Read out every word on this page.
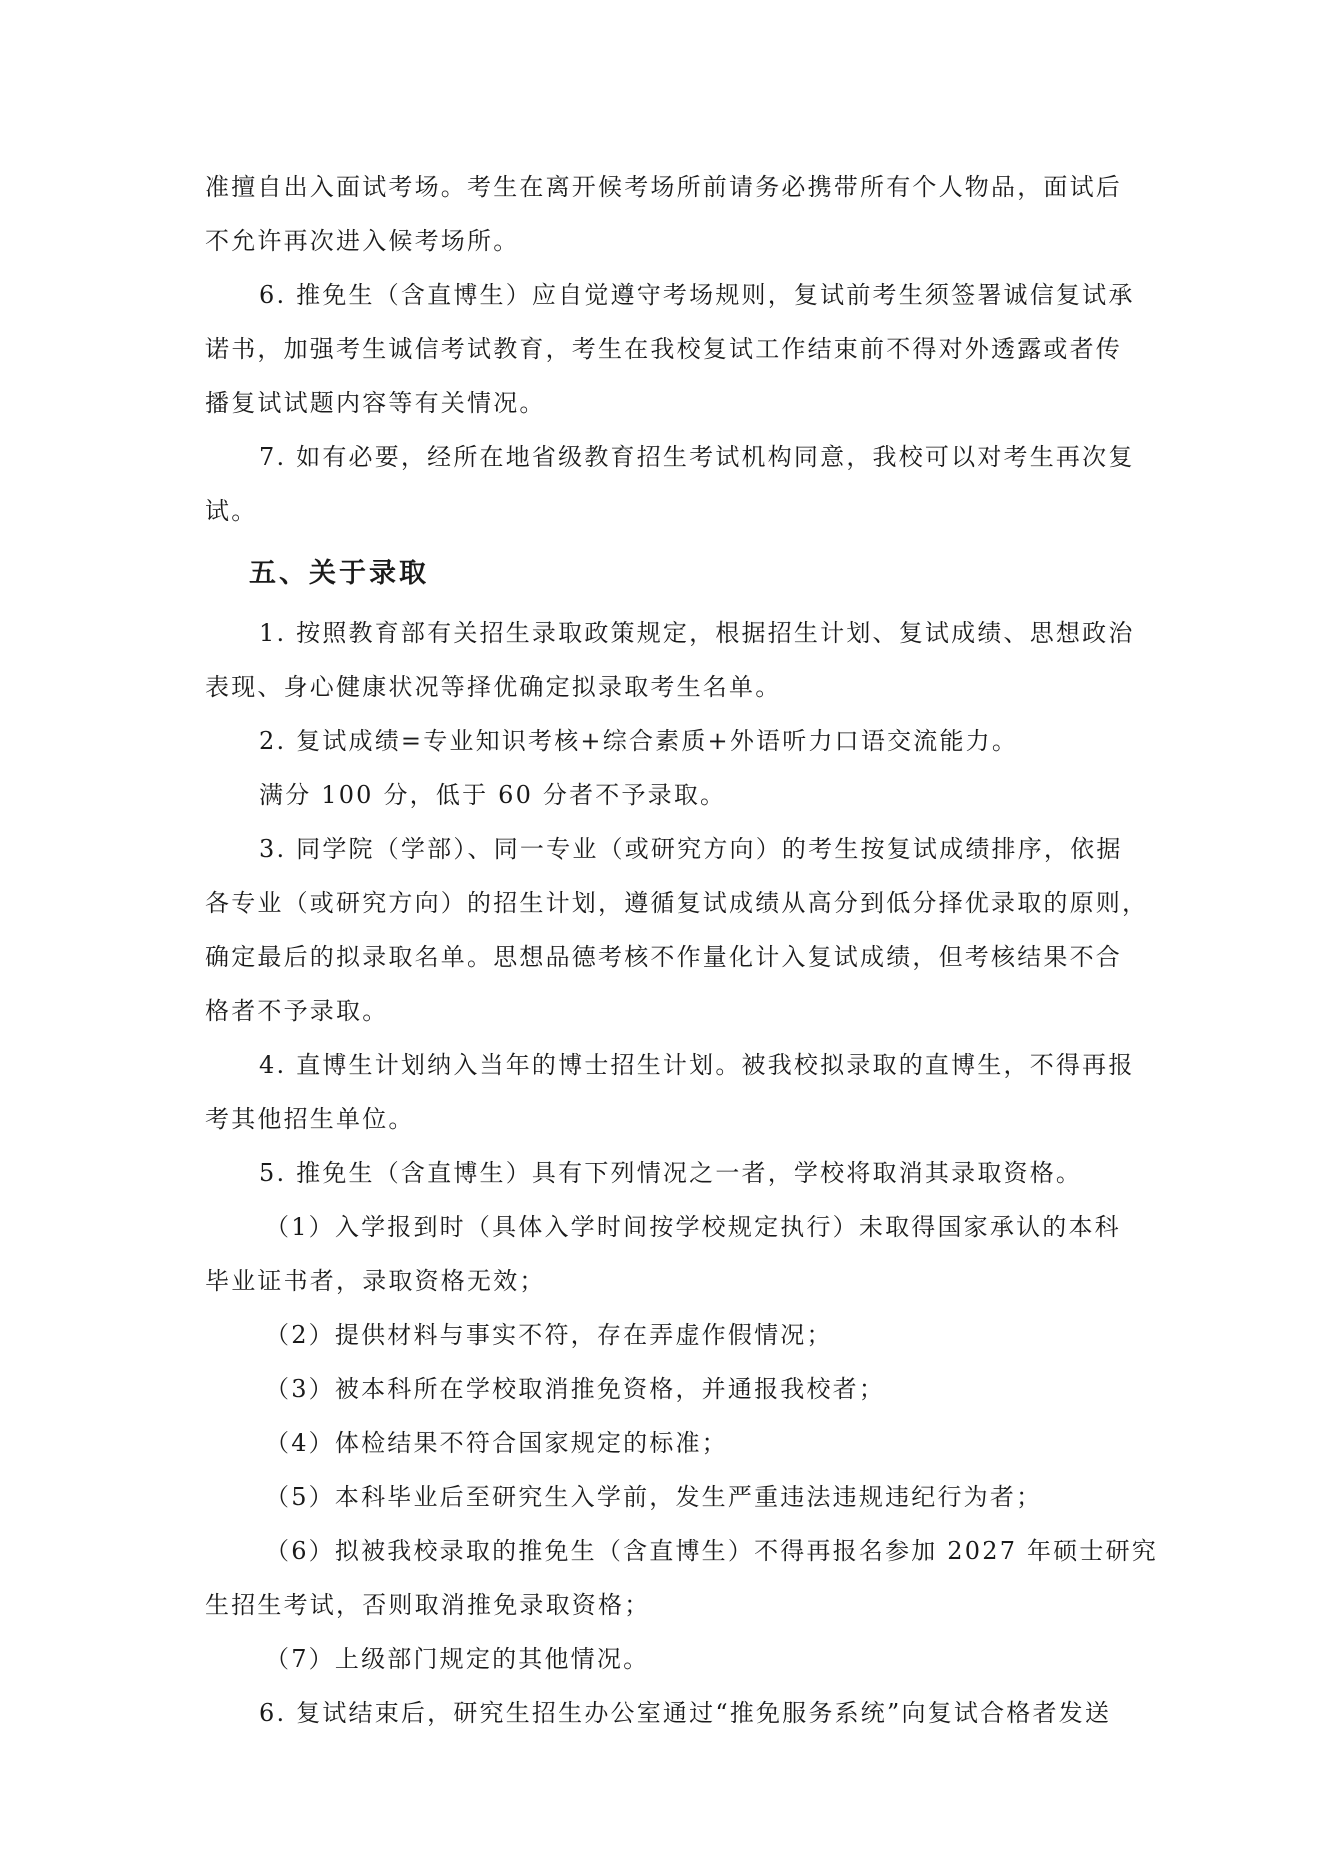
准擅自出入面试考场。考生在离开候考场所前请务必携带所有个人物品，面试后
不允许再次进入候考场所。
6. 推免生（含直博生）应自觉遵守考场规则，复试前考生须签署诚信复试承
诺书，加强考生诚信考试教育，考生在我校复试工作结束前不得对外透露或者传
播复试试题内容等有关情况。
7. 如有必要，经所在地省级教育招生考试机构同意，我校可以对考生再次复
试。
五、关于录取
1. 按照教育部有关招生录取政策规定，根据招生计划、复试成绩、思想政治
表现、身心健康状况等择优确定拟录取考生名单。
2. 复试成绩=专业知识考核+综合素质+外语听力口语交流能力。
满分 100 分，低于 60 分者不予录取。
3. 同学院（学部）、同一专业（或研究方向）的考生按复试成绩排序，依据
各专业（或研究方向）的招生计划，遵循复试成绩从高分到低分择优录取的原则，
确定最后的拟录取名单。思想品德考核不作量化计入复试成绩，但考核结果不合
格者不予录取。
4. 直博生计划纳入当年的博士招生计划。被我校拟录取的直博生，不得再报
考其他招生单位。
5. 推免生（含直博生）具有下列情况之一者，学校将取消其录取资格。
（1）入学报到时（具体入学时间按学校规定执行）未取得国家承认的本科
毕业证书者，录取资格无效；
（2）提供材料与事实不符，存在弄虚作假情况；
（3）被本科所在学校取消推免资格，并通报我校者；
（4）体检结果不符合国家规定的标准；
（5）本科毕业后至研究生入学前，发生严重违法违规违纪行为者；
（6）拟被我校录取的推免生（含直博生）不得再报名参加 2027 年硕士研究
生招生考试，否则取消推免录取资格；
（7）上级部门规定的其他情况。
6. 复试结束后，研究生招生办公室通过“推免服务系统”向复试合格者发送
